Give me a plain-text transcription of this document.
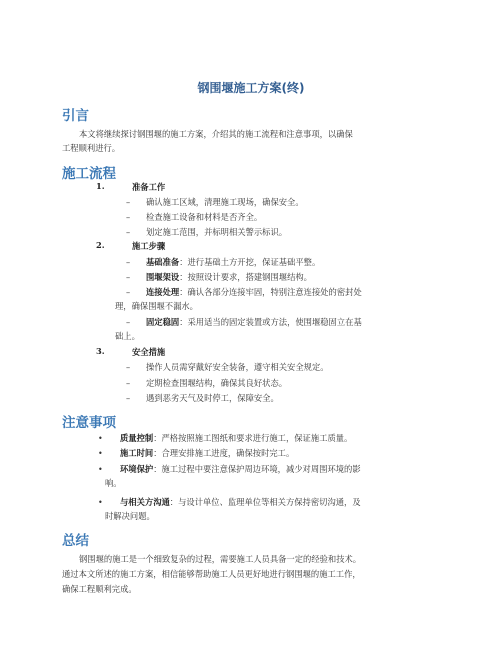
钢围堰施工方案(终)
引言
本文将继续探讨钢围堰的施工方案，介绍其的施工流程和注意事项，以确保
工程顺利进行。
施工流程
1.	准备工作
– 确认施工区域，清理施工现场，确保安全。
– 检查施工设备和材料是否齐全。
– 划定施工范围，并标明相关警示标识。
2.	施工步骤
– 基础准备：进行基础土方开挖，保证基础平整。
– 围堰架设：按照设计要求，搭建钢围堰结构。
– 连接处理：确认各部分连接牢固，特别注意连接处的密封处
理，确保围堰不漏水。
– 固定稳固：采用适当的固定装置或方法，使围堰稳固立在基
础上。
3.	安全措施
– 操作人员需穿戴好安全装备，遵守相关安全规定。
– 定期检查围堰结构，确保其良好状态。
– 遇到恶劣天气及时停工，保障安全。
注意事项
• 质量控制：严格按照施工图纸和要求进行施工，保证施工质量。
• 施工时间：合理安排施工进度，确保按时完工。
• 环境保护：施工过程中要注意保护周边环境，减少对周围环境的影
响。
• 与相关方沟通：与设计单位、监理单位等相关方保持密切沟通，及
时解决问题。
总结
钢围堰的施工是一个细致复杂的过程，需要施工人员具备一定的经验和技术。
通过本文所述的施工方案，相信能够帮助施工人员更好地进行钢围堰的施工工作，
确保工程顺利完成。
